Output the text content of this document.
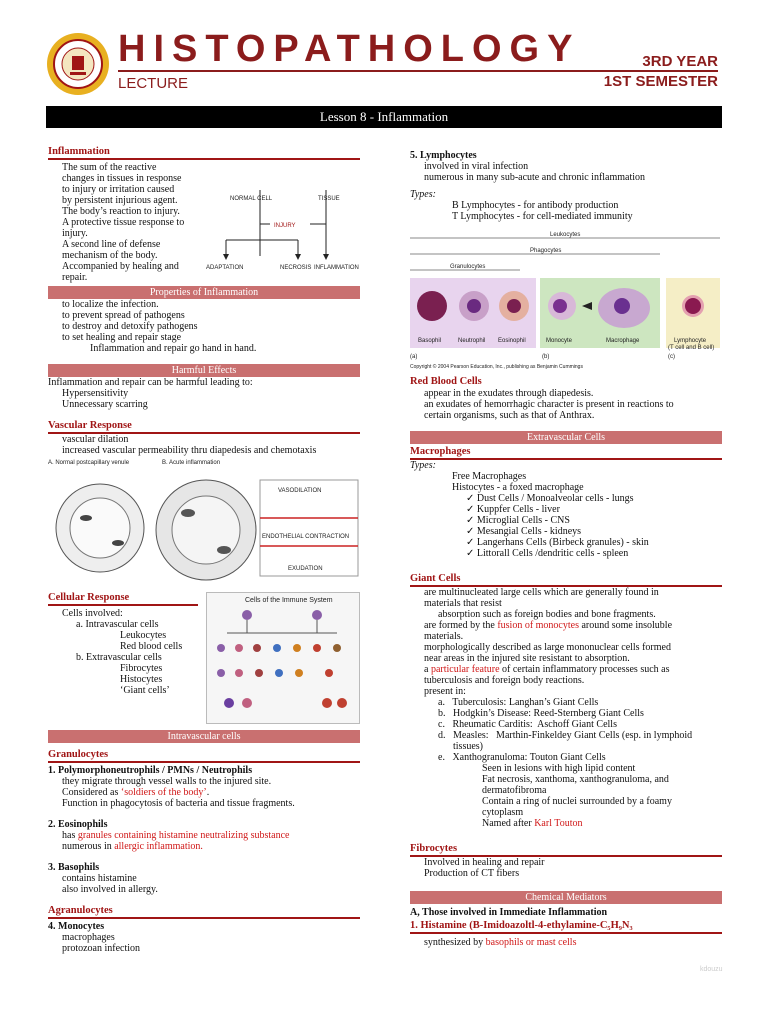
HISTOPATHOLOGY
LECTURE
3RD YEAR
1ST SEMESTER
Lesson 8 - Inflammation
Inflammation
The sum of the reactive
changes in tissues in response
to injury or irritation caused
by persistent injurious agent.
The body’s reaction to injury.
A protective tissue response to
injury.
A second line of defense
mechanism of the body.
Accompanied by healing and
repair.
NORMAL CELL	TISSUE
INJURY
ADAPTATION	NECROSIS INFLAMMATION
Properties of Inflammation
to localize the infection.
to prevent spread of pathogens
to destroy and detoxify pathogens
to set healing and repair stage
Inflammation and repair go hand in hand.
Harmful Effects
Inflammation and repair can be harmful leading to:
Hypersensitivity
Unnecessary scarring
Vascular Response
vascular dilation
increased vascular permeability thru diapedesis and chemotaxis
A. Normal postcapillary venule	B. Acute inflammation
VASODILATION
ENDOTHELIAL CONTRACTION
EXUDATION
Cellular Response
Cells involved:
a. Intravascular cells
Leukocytes
Red blood cells
b. Extravascular cells
Fibrocytes
Histocytes
‘Giant cells’
Cells of the Immune System
Intravascular cells
Granulocytes
1. Polymorphoneutrophils / PMNs / Neutrophils
they migrate through vessel walls to the injured site.
Considered as ‘soldiers of the body’.
Function in phagocytosis of bacteria and tissue fragments.
2. Eosinophils
has granules containing histamine neutralizing substance
numerous in allergic inflammation.
3. Basophils
contains histamine
also involved in allergy.
Agranulocytes
4. Monocytes
macrophages
protozoan infection
5. Lymphocytes
involved in viral infection
numerous in many sub-acute and chronic inflammation
Types:
B Lymphocytes - for antibody production
T Lymphocytes - for cell-mediated immunity
Leukocytes
Phagocytes
Granulocytes
Basophil	Neutrophil Eosinophil	Monocyte	Macrophage	Lymphocyte
(T cell and B cell)
(a)	(b)	(c)
Copyright © 2004 Pearson Education, Inc., publishing as Benjamin Cummings
Red Blood Cells
appear in the exudates through diapedesis.
an exudates of hemorrhagic character is present in reactions to
certain organisms, such as that of Anthrax.
Extravascular Cells
Macrophages
Types:
Free Macrophages
Histocytes - a foxed macrophage
✓ Dust Cells / Monoalveolar cells - lungs
✓ Kuppfer Cells - liver
✓ Microglial Cells - CNS
✓ Mesangial Cells - kidneys
✓ Langerhans Cells (Birbeck granules) - skin
✓ Littorall Cells /dendritic cells - spleen
Giant Cells
are multinucleated large cells which are generally found in
materials that resist
absorption such as foreign bodies and bone fragments.
are formed by the fusion of monocytes around some insoluble
materials.
morphologically described as large mononuclear cells formed
near areas in the injured site resistant to absorption.
a particular feature of certain inflammatory processes such as
tuberculosis and foreign body reactions.
present in:
a.   Tuberculosis: Langhan’s Giant Cells
b.   Hodgkin’s Disease: Reed-Sternberg Giant Cells
c.   Rheumatic Carditis:  Aschoff Giant Cells
d.   Measles:   Marthin-Finkeldey Giant Cells (esp. in lymphoid
tissues)
e.   Xanthogranuloma: Touton Giant Cells
Seen in lesions with high lipid content
Fat necrosis, xanthoma, xanthogranuloma, and
dermatofibroma
Contain a ring of nuclei surrounded by a foamy
cytoplasm
Named after Karl Touton
Fibrocytes
Involved in healing and repair
Production of CT fibers
Chemical Mediators
A, Those involved in Immediate Inflammation
1. Histamine (B-Imidoazoltl-4-ethylamine-C₅H₉N₃
synthesized by basophils or mast cells
kdouzu
